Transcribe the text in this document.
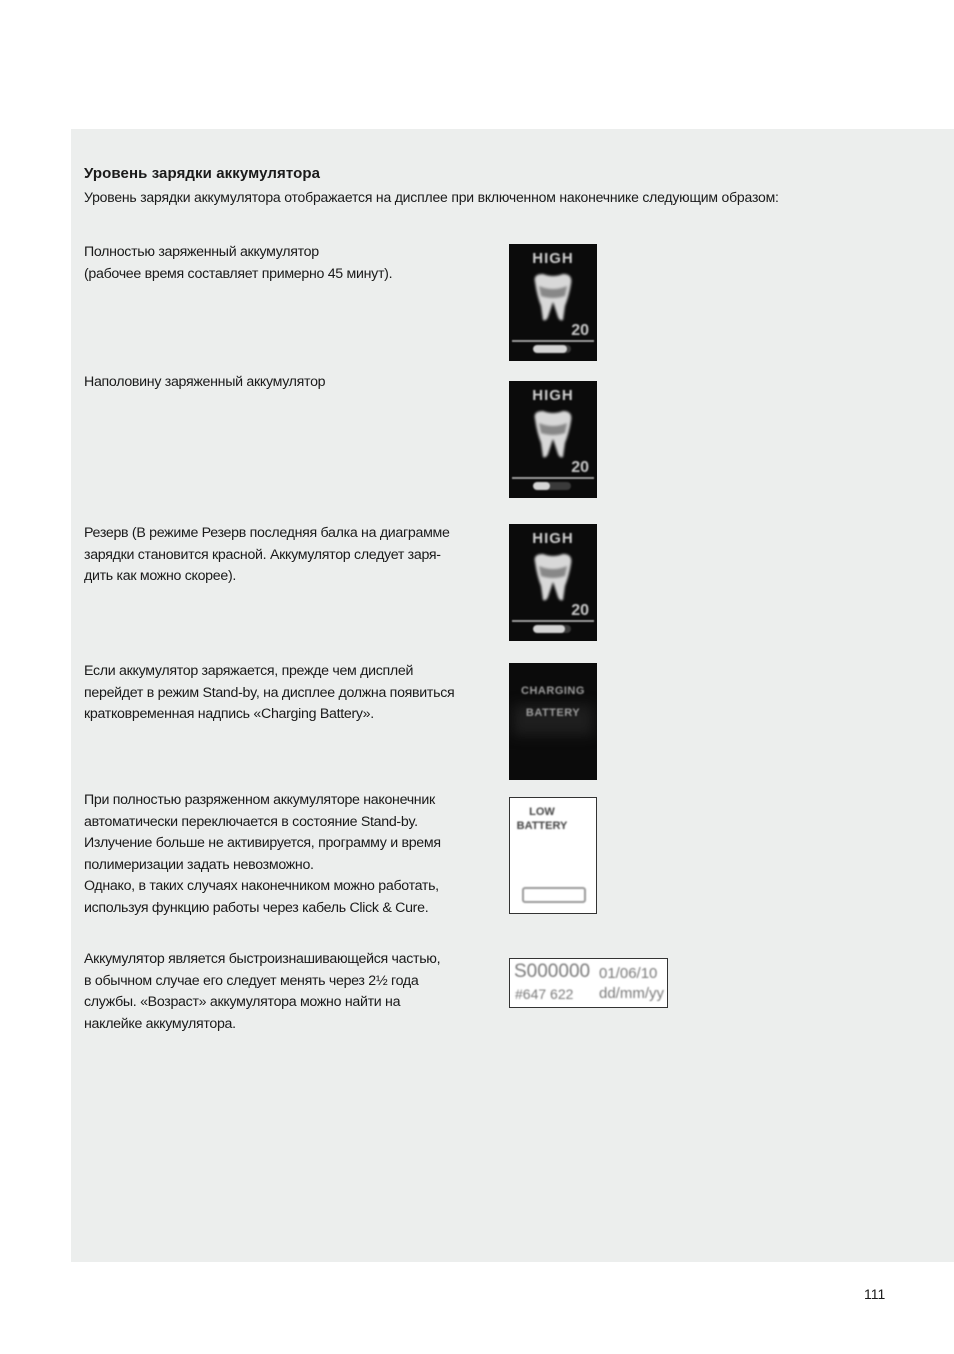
Уровень зарядки аккумулятора
Уровень зарядки аккумулятора отображается на дисплее при включенном наконечнике следующим образом:

Полностью заряженный аккумулятор

(рабочее время составляет примерно 45 минут).

HIGH
20

Наполовину заряженный аккумулятор

HIGH
20

Резерв (В режиме Резерв последняя балка на диаграмме

зарядки становится красной. Аккумулятор следует заря-

дить как можно скорее).

HIGH
20

Если аккумулятор заряжается, прежде чем дисплей

перейдет в режим Stand-by, на дисплее должна появиться

кратковременная надпись «Charging Battery».

CHARGING
BATTERY

При полностью разряженном аккумуляторе наконечник

автоматически переключается в состояние Stand-by.

Излучение больше не активируется, программу и время

полимеризации задать невозможно.

Однако, в таких случаях наконечником можно работать,

используя функцию работы через кабель Click & Cure.

LOW
BATTERY

Аккумулятор является быстроизнашивающейся частью,

в обычном случае его следует менять через 2½ года

службы. «Возраст» аккумулятора можно найти на

наклейке аккумулятора.

S000000 01/06/10
#647 622 dd/mm/yy
111
